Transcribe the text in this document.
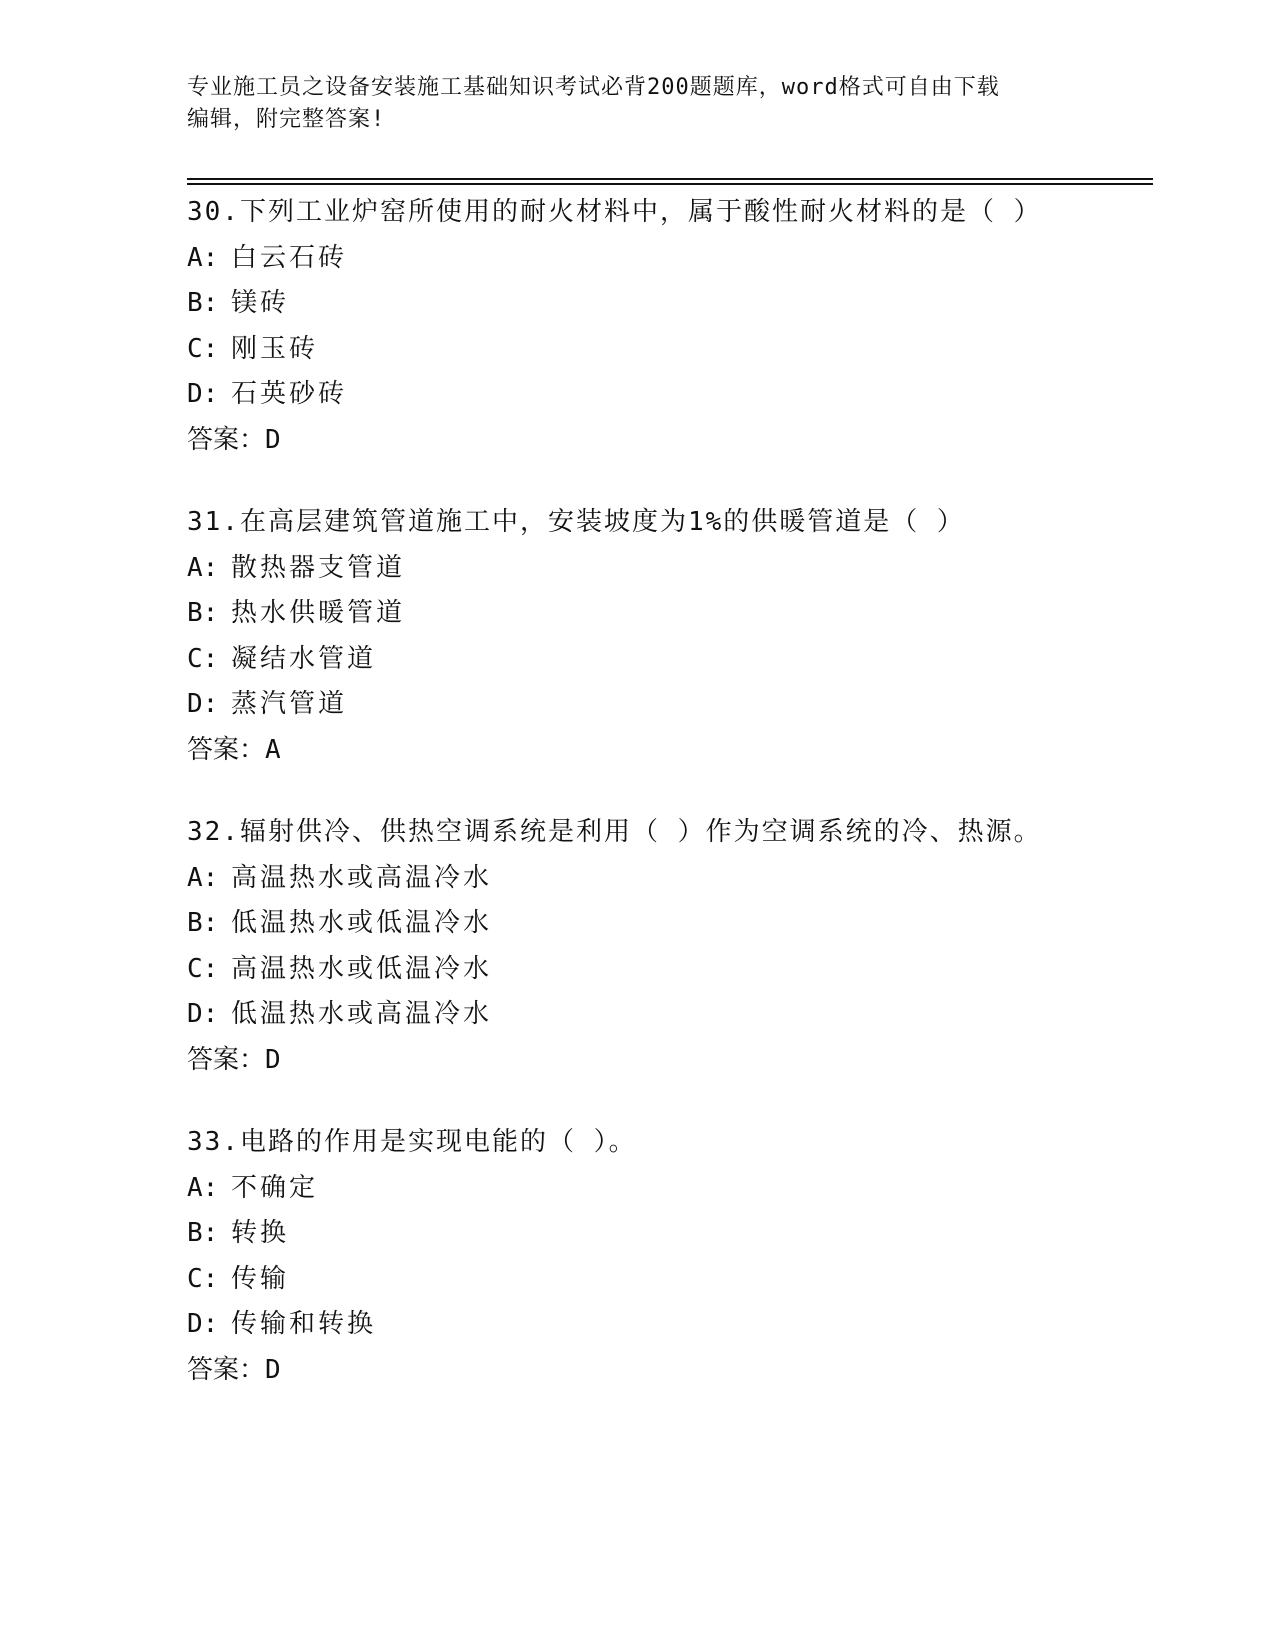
专业施工员之设备安装施工基础知识考试必背200题题库，word格式可自由下载
编辑，附完整答案!
30.下列工业炉窑所使用的耐火材料中，属于酸性耐火材料的是（ ）
A: 白云石砖
B: 镁砖
C: 刚玉砖
D: 石英砂砖
答案：D
31.在高层建筑管道施工中，安装坡度为1%的供暖管道是（ ）
A: 散热器支管道
B: 热水供暖管道
C: 凝结水管道
D: 蒸汽管道
答案：A
32.辐射供冷、供热空调系统是利用（ ）作为空调系统的冷、热源。
A: 高温热水或高温冷水
B: 低温热水或低温冷水
C: 高温热水或低温冷水
D: 低温热水或高温冷水
答案：D
33.电路的作用是实现电能的（ ）。
A: 不确定
B: 转换
C: 传输
D: 传输和转换
答案：D
